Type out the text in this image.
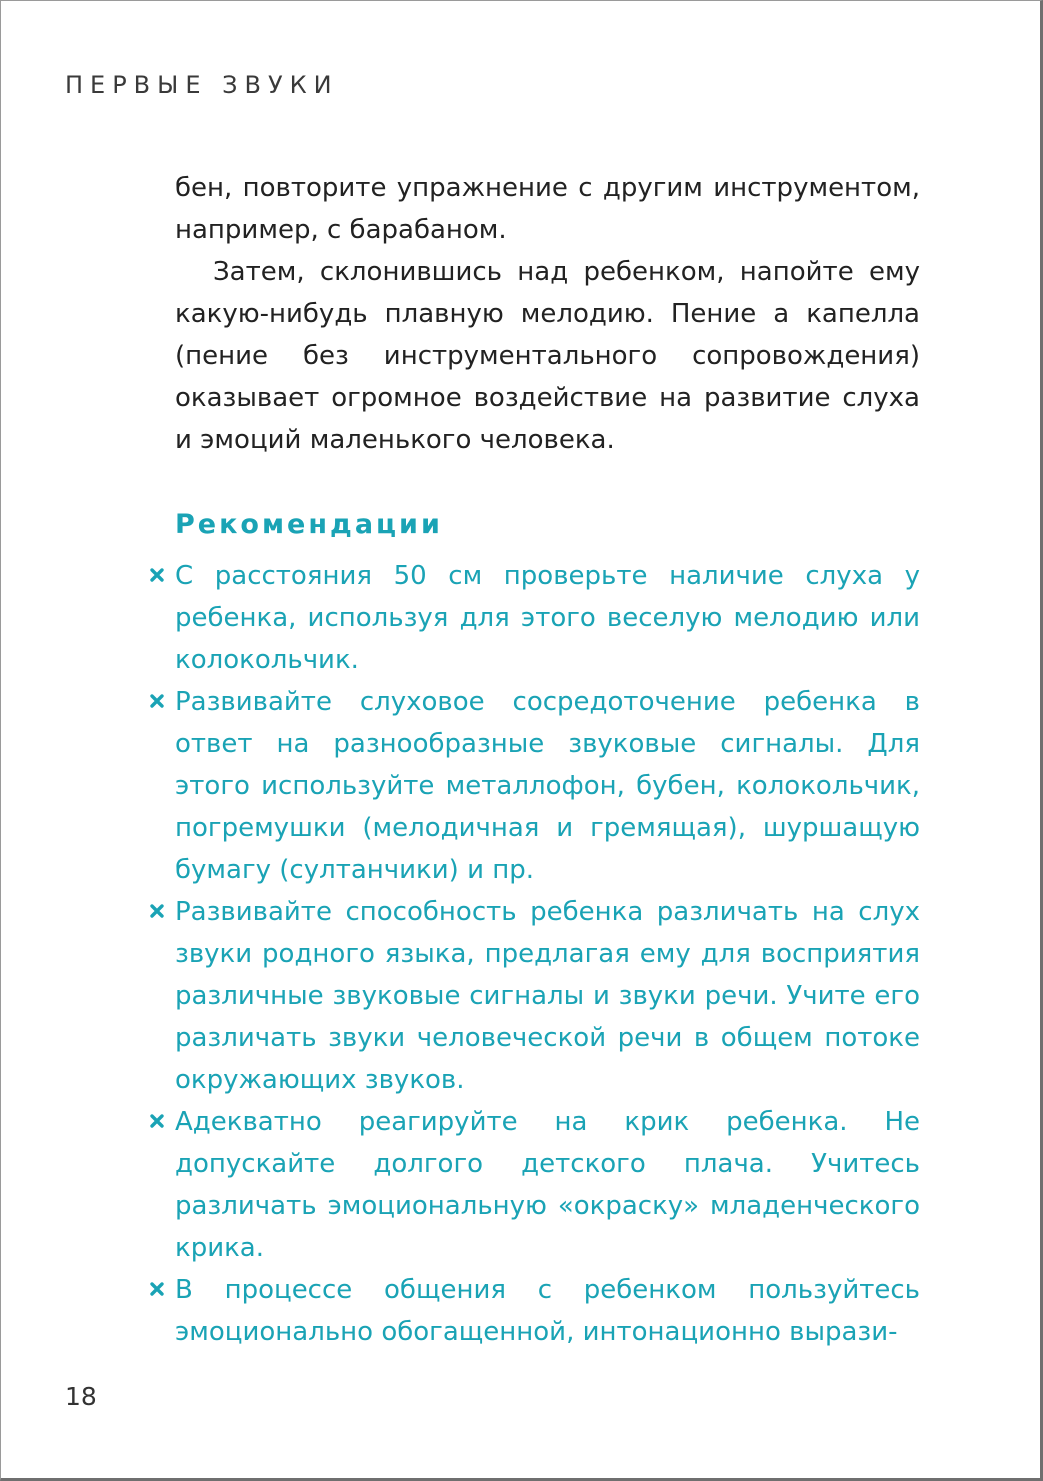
ПЕРВЫЕ ЗВУКИ

бен, повторите упражнение с другим инструментом, например, с барабаном.

Затем, склонившись над ребенком, напойте ему какую-нибудь плавную мелодию. Пение а капелла (пение без инструментального сопровождения) оказывает огромное воздействие на развитие слуха и эмоций маленького человека.

Рекомендации
С расстояния 50 см проверьте наличие слуха у ребенка, используя для этого веселую мелодию или колокольчик.
Развивайте слуховое сосредоточение ребенка в ответ на разнообразные звуковые сигналы. Для этого используйте металлофон, бубен, колокольчик, погремушки (мелодичная и гремящая), шуршащую бумагу (султанчики) и пр.
Развивайте способность ребенка различать на слух звуки родного языка, предлагая ему для восприятия различные звуковые сигналы и звуки речи. Учите его различать звуки человеческой речи в общем потоке окружающих звуков.
Адекватно реагируйте на крик ребенка. Не допускайте долгого детского плача. Учитесь различать эмоциональную «окраску» младенческого крика.
В процессе общения с ребенком пользуйтесь эмоционально обогащенной, интонационно вырази-
18
